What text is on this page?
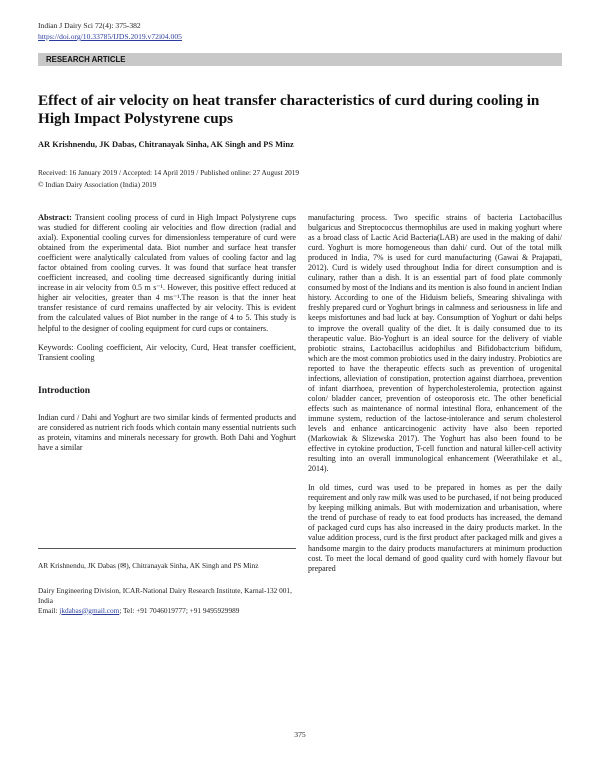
Indian J Dairy Sci 72(4): 375-382
https://doi.org/10.33785/IJDS.2019.v72i04.005
RESEARCH ARTICLE
Effect of air velocity on heat transfer characteristics of curd during cooling in High Impact Polystyrene cups
AR Krishnendu, JK Dabas, Chitranayak Sinha, AK Singh and PS Minz
Received: 16 January 2019 / Accepted: 14 April 2019 / Published online: 27 August 2019
© Indian Dairy Association (India) 2019

Abstract: Transient cooling process of curd in High Impact Polystyrene cups was studied for different cooling air velocities and flow direction (radial and axial). Exponential cooling curves for dimensionless temperature of curd were obtained from the experimental data. Biot number and surface heat transfer coefficient were analytically calculated from values of cooling factor and lag factor obtained from cooling curves. It was found that surface heat transfer coefficient increased, and cooling time decreased significantly during initial increase in air velocity from 0.5 m s⁻¹. However, this positive effect reduced at higher air velocities, greater than 4 ms⁻¹.The reason is that the inner heat transfer resistance of curd remains unaffected by air velocity. This is evident from the calculated values of Biot number in the range of 4 to 5. This study is helpful to the designer of cooling equipment for curd cups or containers.

Keywords: Cooling coefficient, Air velocity, Curd, Heat transfer coefficient, Transient cooling

Introduction

Indian curd / Dahi and Yoghurt are two similar kinds of fermented products and are considered as nutrient rich foods which contain many essential nutrients such as protein, vitamins and minerals necessary for growth. Both Dahi and Yoghurt have a similar

AR Krishnendu, JK Dabas (✉), Chitranayak Sinha, AK Singh and PS Minz
Dairy Engineering Division, ICAR-National Dairy Research Institute, Karnal-132 001, India
Email: jkdabas@gmail.com; Tel: +91 7046019777; +91 9495929989

manufacturing process. Two specific strains of bacteria Lactobacillus bulgaricus and Streptococcus thermophilus are used in making yoghurt where as a broad class of Lactic Acid Bacteria(LAB) are used in the making of dahi/ curd. Yoghurt is more homogeneous than dahi/ curd. Out of the total milk produced in India, 7% is used for curd manufacturing (Gawai & Prajapati, 2012). Curd is widely used throughout India for direct consumption and is culinary, rather than a dish. It is an essential part of food plate commonly consumed by most of the Indians and its mention is also found in ancient Indian history. According to one of the Hiduism beliefs, Smearing shivalinga with freshly prepared curd or Yoghurt brings in calmness and seriousness in life and keeps misfortunes and bad luck at bay. Consumption of Yoghurt or dahi helps to improve the overall quality of the diet. It is daily consumed due to its therapeutic value. Bio-Yoghurt is an ideal source for the delivery of viable probiotic strains, Lactobacillus acidophilus and Bifidobactcrium bifidum, which are the most common probiotics used in the dairy industry. Probiotics are reported to have the therapeutic effects such as prevention of urogenital infections, alleviation of constipation, protection against diarrhoea, prevention of infant diarrhoea, prevention of hypercholesterolemia, protection against colon/ bladder cancer, prevention of osteoporosis etc. The other beneficial effects such as maintenance of normal intestinal flora, enhancement of the immune system, reduction of the lactose-intolerance and serum cholesterol levels and enhance anticarcinogenic activity have also been reported (Markowiak & Slizewska 2017). The Yoghurt has also been found to be effective in cytokine production, T-cell function and natural killer-cell activity resulting into an overall immunological enhancement (Weerathilake et al., 2014).

In old times, curd was used to be prepared in homes as per the daily requirement and only raw milk was used to be purchased, if not being produced by keeping milking animals. But with modernization and urbanisation, where the trend of purchase of ready to eat food products has increased, the demand of packaged curd cups has also increased in the dairy products market. In the value addition process, curd is the first product after packaged milk and gives a handsome margin to the dairy products manufacturers at minimum production cost. To meet the local demand of good quality curd with homely flavour but prepared

375
